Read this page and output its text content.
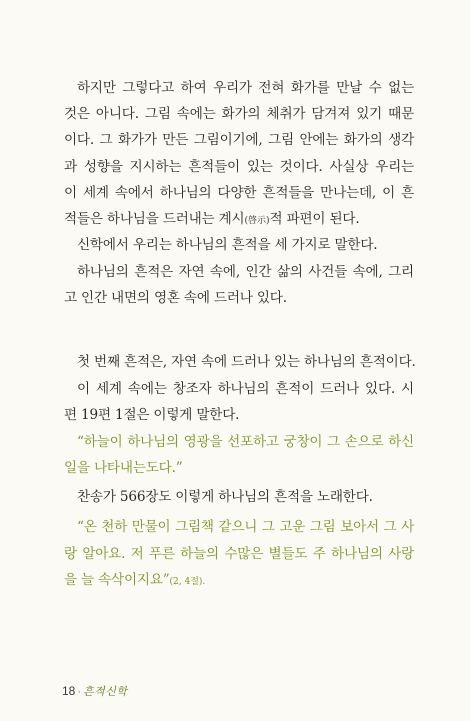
하지만 그렇다고 하여 우리가 전혀 화가를 만날 수 없는
것은 아니다. 그림 속에는 화가의 체취가 담겨져 있기 때문
이다. 그 화가가 만든 그림이기에, 그림 안에는 화가의 생각
과 성향을 지시하는 흔적들이 있는 것이다. 사실상 우리는
이 세계 속에서 하나님의 다양한 흔적들을 만나는데, 이 흔
적들은 하나님을 드러내는 계시(啓示)적 파편이 된다.
신학에서 우리는 하나님의 흔적을 세 가지로 말한다.
하나님의 흔적은 자연 속에, 인간 삶의 사건들 속에, 그리
고 인간 내면의 영혼 속에 드러나 있다.
첫 번째 흔적은, 자연 속에 드러나 있는 하나님의 흔적이다.
이 세계 속에는 창조자 하나님의 흔적이 드러나 있다. 시
편 19편 1절은 이렇게 말한다.
“하늘이 하나님의 영광을 선포하고 궁창이 그 손으로 하신
일을 나타내는도다.”
찬송가 566장도 이렇게 하나님의 흔적을 노래한다.
“온 천하 만물이 그림책 같으니 그 고운 그림 보아서 그 사
랑 알아요. 저 푸른 하늘의 수많은 별들도 주 하나님의 사랑
을 늘 속삭이지요”(2, 4절).
18 · 흔적신학
